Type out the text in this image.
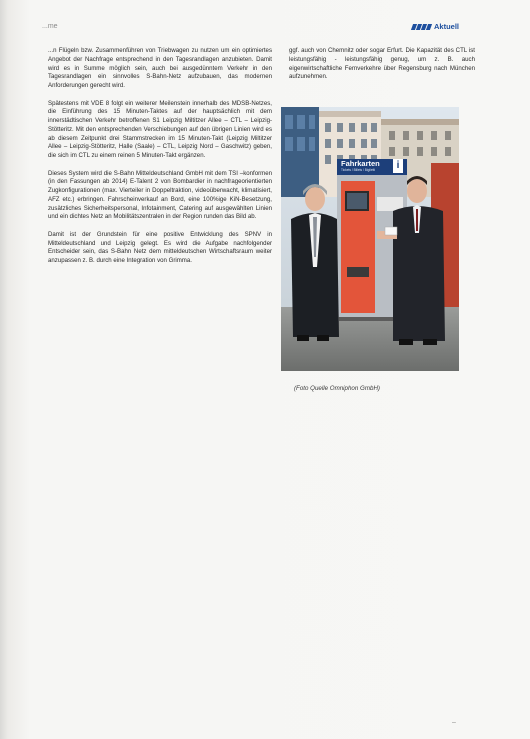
...me	Aktuell

...n Flügeln bzw. Zusammenführen von Triebwagen zu nutzen um ein optimiertes Angebot der Nachfrage entsprechend in den Tagesrandlagen anzubieten. Damit wird es in Summe möglich sein, auch bei ausgedünntem Verkehr in den Tagesrandlagen ein sinnvolles S-Bahn-Netz aufzubauen, das modernen Anforderungen gerecht wird.

Spätestens mit VDE 8 folgt ein weiterer Meilenstein innerhalb des MDSB-Netzes, die Einführung des 15 Minuten-Taktes auf der hauptsächlich mit dem innerstädtischen Verkehr betroffenen S1 Leipzig Miltitzer Allee – CTL – Leipzig-Stötteritz. Mit den entsprechenden Verschiebungen auf den übrigen Linien wird es ab diesem Zeitpunkt drei Stammstrecken im 15 Minuten-Takt (Leipzig Miltitzer Allee – Leipzig-Stötteritz, Halle (Saale) – CTL, Leipzig Nord – Gaschwitz) geben, die sich im CTL zu einem reinen 5 Minuten-Takt ergänzen.

Dieses System wird die S-Bahn Mitteldeutschland GmbH mit dem TSI –konformen (in den Fassungen ab 2014) E-Talent 2 von Bombardier in nachfrageorientierten Zugkonfigurationen (max. Vierteiler in Doppeltraktion, videoüberwacht, klimatisiert, AFZ etc.) erbringen. Fahrscheinverkauf an Bord, eine 100%ige KiN-Besetzung, zusätzliches Sicherheitspersonal, Infotainment, Catering auf ausgewählten Linien und ein dichtes Netz an Mobilitätszentralen in der Region runden das Bild ab.

Damit ist der Grundstein für eine positive Entwicklung des SPNV in Mitteldeutschland und Leipzig gelegt. Es wird die Aufgabe nachfolgender Entscheider sein, das S-Bahn Netz dem mitteldeutschen Wirtschaftsraum weiter anzupassen z. B. durch eine Integration von Grimma.

ggf. auch von Chemnitz oder sogar Erfurt. Die Kapazität des CTL ist leistungsfähig - leistungsfähig genug, um z. B. auch eigenwirtschaftliche Fernverkehre über Regensburg nach München aufzunehmen.

Fahrkarten
Tickets / Billets / Biglietti	i
(Foto Quelle Omniphon GmbH)
–
